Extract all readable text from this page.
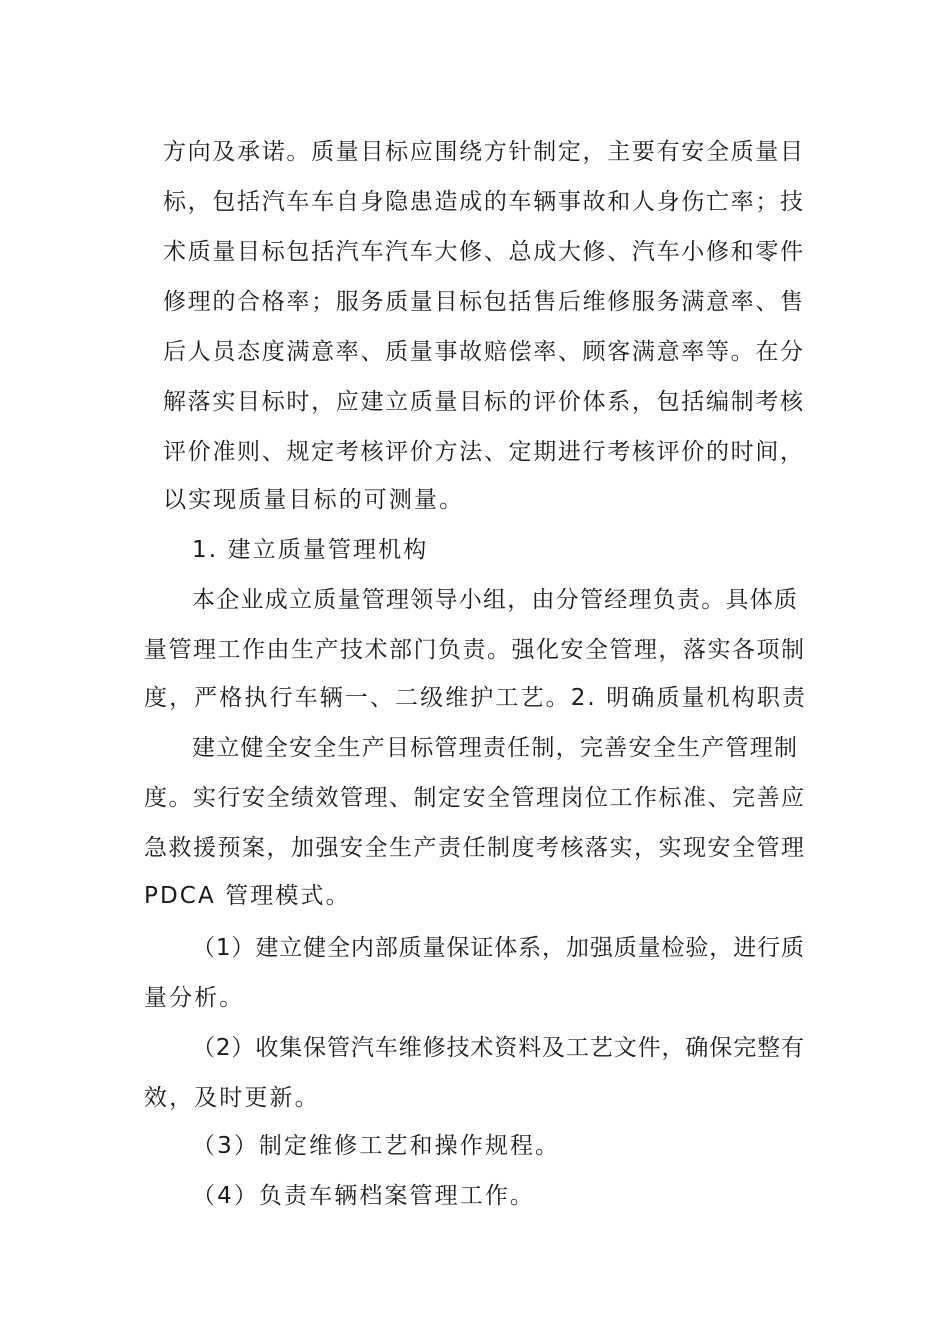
方向及承诺。质量目标应围绕方针制定，主要有安全质量目
标，包括汽车车自身隐患造成的车辆事故和人身伤亡率；技
术质量目标包括汽车汽车大修、总成大修、汽车小修和零件
修理的合格率；服务质量目标包括售后维修服务满意率、售
后人员态度满意率、质量事故赔偿率、顾客满意率等。在分
解落实目标时，应建立质量目标的评价体系，包括编制考核
评价准则、规定考核评价方法、定期进行考核评价的时间，
以实现质量目标的可测量。
1. 建立质量管理机构
本企业成立质量管理领导小组，由分管经理负责。具体质
量管理工作由生产技术部门负责。强化安全管理，落实各项制
度，严格执行车辆一、二级维护工艺。2. 明确质量机构职责
建立健全安全生产目标管理责任制，完善安全生产管理制
度。实行安全绩效管理、制定安全管理岗位工作标准、完善应
急救援预案，加强安全生产责任制度考核落实，实现安全管理
PDCA 管理模式。
（1）建立健全内部质量保证体系，加强质量检验，进行质
量分析。
（2）收集保管汽车维修技术资料及工艺文件，确保完整有
效，及时更新。
（3）制定维修工艺和操作规程。
（4）负责车辆档案管理工作。
